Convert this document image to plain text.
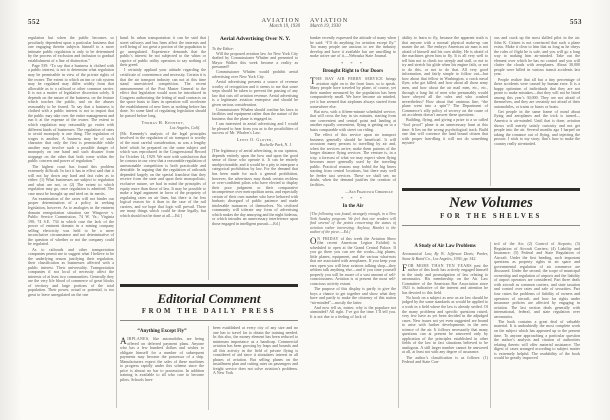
552	AVIATION
March 19, 1930

regulation but when the public becomes so peculiarly dependent upon a particular business that one engaging therein subjects himself to a more intimate public regulation is only to be determined by the process of exclusion and inclusion to gradual establishment of a line of distinction.”

Page 539: “To say that a business is clothed with a public interest, is not to determine what regulation may be permissible in view of the private rights of the owner. The extent to which an inn or cab system may be regulated may differ widely from that allowable as to a railroad or other common carrier. It is not a matter of legislative discretion solely. It depends on the nature of the business, on the feature which touches the public, and on the abuses reasonably to be feared. To say that a business is clothed with a public interest is not to import that the public may take over the entire management and run it at the expense of the owner. The extent to which regulation may reasonably go varies with different kinds of businesses. The regulation of rates to avoid monopoly is one thing. The regulation of wages is another. A business may be of such character that only the first is permissible while another may involve such a possible danger of monopoly on one hand and such disaster from stoppage on the other that both come within the public concern and power of regulation.”

The highest court has found this problem extremely difficult. In fact it has in effect said that it will not lay down any hard and fast rules as to either: (1) What businesses are subject to regulation and what are not, or (2) The extent to which regulation may go, once regulation is admitted. The case must be brought up and tried on its merits.

An examination of the cases will not hinder our proper determination of a policy in seeking legislation, however. As to analogies in the eminent domain renegotiation situation see Wingrove v. Public Service Commission, 74 W. Va.; Virginia 190; 74 S.E. 734 in which case the lack of the power of eminent domain in a mining company selling electricity was held to be a mere inconclusive circumstance and not determinative of the question of whether or not the company could be regulated.

As to railroads and other transportation companies permit me to suggest what I believe to be the underlying reason justifying their regulation, their classification as businesses affected with a public interest. Their universality. Transportation companies if not local of necessity affect the interests of at least two communities. Generally they are the very life blood of commerce of great blocks of territory and large portions of the total population. Their power, actual or potential, is too great to leave unregulated on the one

hand. In urban transportation it can be said that street railways and bus lines affect the interests and well being of too great a portion of the population to go unregulated. Experience demands that the public’s interest be not subjected to the whim or caprice of public utility operators to say nothing of their greed.

I certainly applaud your attitude regarding the certificate of convenience and necessity. Certain it is that the air transport industry can not at this time stand unrestricted competition. The recent announcement of the Post Master General to the effect that legislation would soon be introduced in Congress authorizing the letting of mail contracts on the space basis to lines in operation will accelerate the establishment of new lines as nothing before has done. So some kind of regulating legislation should be passed before long.

Thomas H. Kennedy,
Los Angeles, Calif.
[Mr. Kennedy’s analysis of the legal principles involved in the regulation of air transport is worthy of the most careful consideration, as was a lengthy brief which he prepared on the same subject and which was reproduced in the Congressional Record for October 14, 1929. We note with satisfaction that he concurs in our view that a reasonable regulation of unreasonable competition is both practicable and desirable. In arguing that the regulation of railroads depended largely on the special franchise that they receive from the state and upon their monopolistic, exclusive nature, we had in mind the principles of equity more than those of law. It may be possible to make a legal argument in favor of the propriety of regulating rates on air lines, but there is far less logical reason for it than in the case of the rail carriers, and we hope that logic will prevail. There are many things which could be done legally, but which should not be done at all.—Ed.]
Aerial Advertising Over N. Y.
To the Editor:

Will the proposed aviation law for New York City drafted by Commissioner Whalen and presented to Mayor Walker this week become a reality as presumed?

Commissioner Whalen would prohibit aerial advertising over New York City.

Aerial advertising presents a source of revenue worthy of recognition and it seems to me that some steps should be taken to prevent the passing of any law that cuts off aviation revenue. Aerial advertising is a legitimate aviation enterprise and should be given serious consideration.

Commissioner Whalen should confine his laws to facilities and equipment rather than the nature of the business that the plane is engaged in.

I am interested in aerial advertising and I would be pleased to hear from you as to the possibilities of success of Mr. Whalen’s Law.

Lewis O. Glover,
Rochelle Park, N. J.
[The legitimacy of aerial advertising, in our opinion, depends entirely upon the how and upon the good sense of those who operate it. It can be entirely unobjectionable, and it would be a pity to interpose a categorical prohibition by law. For the demand that has been made for such a general prohibition, however, the advertisers may thank certain reckless or over-confident pilots who have elected to display their poor judgment or their comparative incompetence over metropolitan areas, and especially certain of their own number who have behaved with barbaric disregard of public patience and made intolerable nuisances of themselves. No civilized community will tolerate any form of advertising which makes the day annoying and the night hideous, or which intrudes an unnecessary interference upon those engaged in intelligent pursuit.—Ed.]
Editorial Comment
FROM THE DAILY PRESS
“Anything Except Fly”

AIRPLANES, like automobiles, are being offered on deferred payment plans. Anyone who has a few hundred dollars and wishes to obligate himself for a number of subsequent payments may become the possessor of a ship. Manufacturers expect the sales of these machines to progress rapidly under this scheme since the price is almost no bar to possession. In addition training is available to all who care to become pilots. Schools have

been established at every city of any size and no one has to travel far to obtain the training needed. In this also, the money element has been reduced to minimum importance as a handicap. Commercial aviation has been growing by leaps and bounds and all this activity in the field of private flying is considered of aid since it stimulates interest in all phases of aviation. But selling planes on the installment plan and cutting rates on passengers and freight service does not solve aviation’s problems. A New York

AVIATION
March 19, 1930
553

banker recently expressed the attitude of many when he said: “I’ll do anything for aviation except fly.” Too many people are anxious to see the industry develop and have it available but are unwilling to make active use of it.—Nebraska State Journal.

* * *
Brought Right to Our Doors

THE BAY AIR FERRY SERVICE brings aviation right on to the front lawn, so to speak. Many people have traveled by plane, of course, yet their number measured by the population has been comparatively small. We have become air minded, yet it has seemed that airplanes always started from somewhere else.

But now, with a fifteen-minute scheduled service, that will cross the bay in six minutes, starting from one convenient and central point and landing at another equally convenient, flying is getting on to a basis comparable with street car riding.

The effect of this service upon air transport business generally should be beneficial. It will accustom many persons to travelling by air and, when the services arrive, make them patrons of the longer distance flying services. The venture is, in a way, a forecast of what we may expect when flying becomes more generally used by the traveling public. Practical reasons may forbid the big liners starting from central locations, but there may well be feeder taxi services. These we shall see, no doubt, when the demand justifies the creation of facilities.

—San Francisco Chronicle
* * *
In the Air
[The following was found, strangely enough, in a New York Sunday program. We feel that our readers will find several of the points concerning the status of aviation rather interesting. Anyhow, Hamlet is the author of the piece.—Ed.]

O N FRIDAY of this week the Aviation Show (the recent American Legion Exhibit) is scheduled to open at the Grand Central Palace. If you go there you can see the works—big planes, little planes, equipment, and the various what-nots that are associated with aeroplanes. If you keep your ears open you will hear aviators talking shop—they seldom talk anything else—and if you time yourself properly you will be aware of a vast amount of self-consciousness. Aviation is at present the most self-conscious activity extant.

The purpose of this display is partly to give the boys a chance to get together and show what they have and partly to make the citizenry of this nation “air-minded”—mostly the latter.

And now tell us, mister, why is the populace not airminded? All right. I’ve got the time. I’ll tell you. It is not due to a feeling of lack of

ability to learn to fly, because the apparent truth is that anyone with a normal physical make-up can master the art. The embryo American air man is not afraid of himself and his own ability. He is afraid of the machines given him to fly. It is all very well to tell him not to climb too steeply and stall, or not to try and stretch his glide when his engine fails, or not to do this, or not to do that. All very good information, and fairly simple to follow out—but how about that fellow in Washington, a crack naval flyer, who got killed, and how about all those army men, and how about the air mail men, etc., etc., through a long list of men who presumably would have obeyed all the rules and who crashed nevertheless? How about that ominous line, “the plane went into a spin”? The Department of Commerce’s silly policy of secrecy on the cause of air accidents doesn’t answer these questions.

Building, flying, and giving a prize to a so called “fool proof” plane is an unnecessary bunt at this time. It lies on the wrong psychological track. Build one that will convince the land bound citizen that with proper han-dling it will not do something mysteri-

ous and crack up the most skilled pilot in the air. John K. Citizen is not convinced that such a plane exists. Make it clear to him that as long as he obeys the rules of flight he is safe, and you will go a long way to making him air-minded. Take out the element over which he has no control and you will clutter the clouds with aeroplanes. About 30,000 people were killed in various transit accidents last year.

People realize that all but a tiny percentage of these accidents were caused by human error. It is a happy optimism of individuals that they are not prone to make mistakes—that they will not be listed among this year’s 30,000. They are not afraid of themselves, and they are certainly not afraid of their automobiles, or trains or buses or boats.

Get people in the same frame of mind about flying and aeroplanes and the trick is turned—America is air-minded. Until that is done, aviation shows will merely satisfy curiosity and not get people into the air. Several months ago I harped on taking the romance out of flying, and injecting the prosaic. I stick to my story; that’s how to make the country really air-minded.

New Volumes
FOR THE SHELVES
A Study of Air Law Problems
Aeronautical Law, By W. Jefferson Davis; Parker, Stone & Baird Co., Los Angeles, 1930; pp. 342.

FOR MORE THAN TEN YEARS past the author of this book has actively engaged himself in the study and promulgation of law relating to aeronautics. His membership on the Air Law Committee of the American Bar Association since 1921 is indicative of the interest and attention he has devoted to this field.

No book on a subject as new as air law should be judged by the same standards as would be applied to a work in a field where the law is already settled. Of the many problems and specific questions raised, very few have as yet been decided in the adjudged cases. New issues not yet even suggested are bound to arise with further developments in the new science of the air. It follows necessarily that many questions can at present be answered only by application of the principles established in other fields of the law in fact situations believed to be analogous. A still larger number cannot be answered at all, at least not with any degree of assurance.

The author’s classification is as follows: (1) Federal and State Con-

trol of the Air; (2) Control of Airports; (3) Regulation of Aircraft Carriers; (4) Liability and Insurance; (5) Federal and State Regulation of Aircraft. Under the first heading, such important questions as property rights in air space and governmental regulation of air commerce are discussed. Under the second, the scope of municipal ownership and regulation of airports and the liability of airport operators are considered. Part three deals with aircraft as common carriers, and state taxation and control over rates and sale of securities. Part four raises the problems of liability of owners and operators of aircraft, and how far rights under insurance policies are affected by engaging in aviation. The last section deals generally with international, federal, and state regulation over aeronautics.

The book contains a great deal of valuable material. It is undoubtedly the most complete work on the subject which has appeared up to the present time. To anyone approaching a particular question the author’s analysis and citation of authorities relating thereto will offer material assistance. The digest of cases arranged according to subject matter is extremely helpful. The readability of the book would be greatly improved
